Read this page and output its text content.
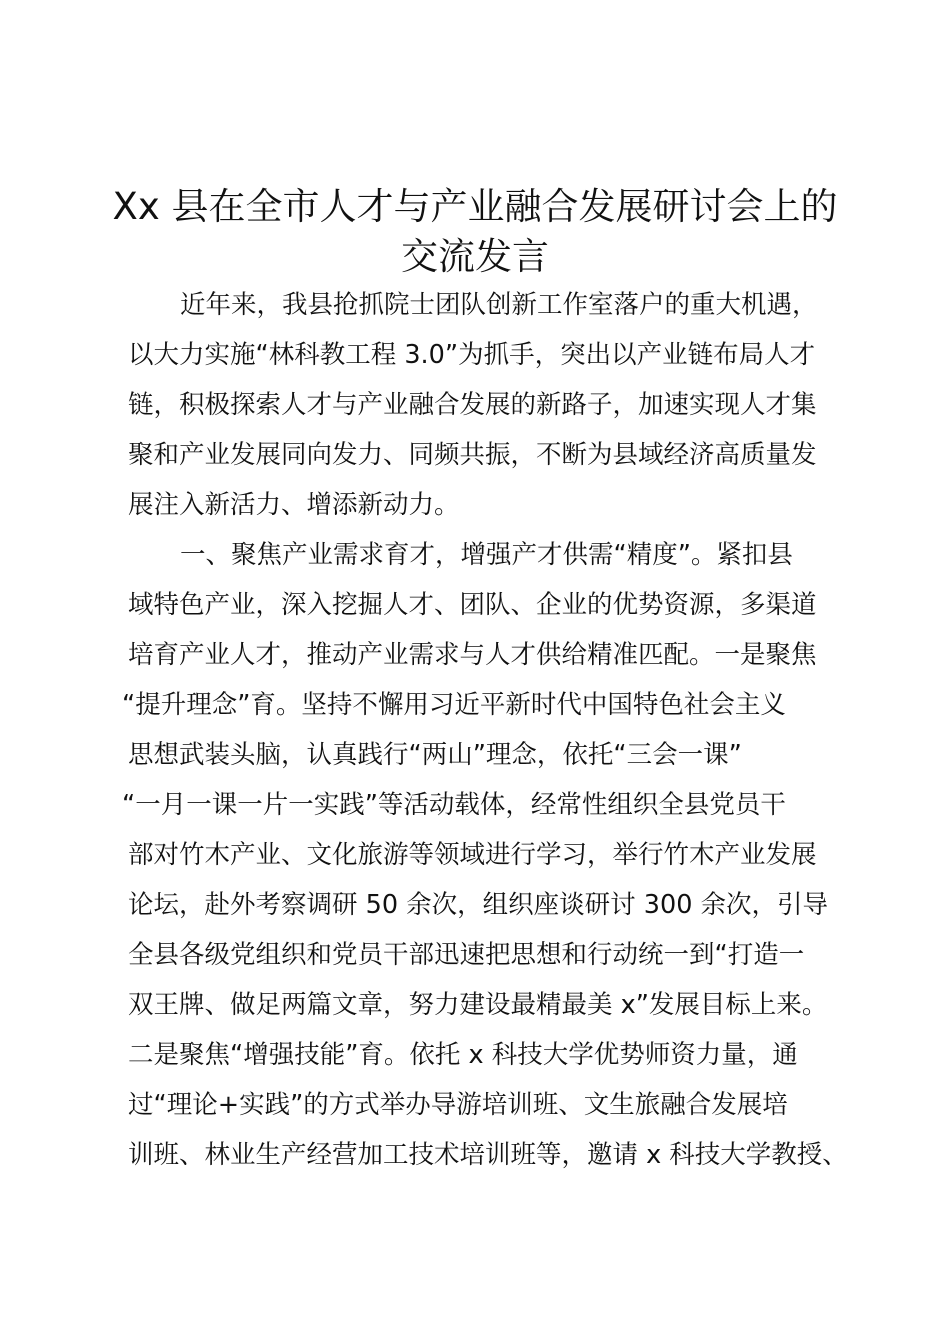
Xx 县在全市人才与产业融合发展研讨会上的
交流发言
近年来，我县抢抓院士团队创新工作室落户的重大机遇，
以大力实施“林科教工程 3.0”为抓手，突出以产业链布局人才
链，积极探索人才与产业融合发展的新路子，加速实现人才集
聚和产业发展同向发力、同频共振，不断为县域经济高质量发
展注入新活力、增添新动力。
一、聚焦产业需求育才，增强产才供需“精度”。紧扣县
域特色产业，深入挖掘人才、团队、企业的优势资源，多渠道
培育产业人才，推动产业需求与人才供给精准匹配。一是聚焦
“提升理念”育。坚持不懈用习近平新时代中国特色社会主义
思想武装头脑，认真践行“两山”理念，依托“三会一课”
“一月一课一片一实践”等活动载体，经常性组织全县党员干
部对竹木产业、文化旅游等领域进行学习，举行竹木产业发展
论坛，赴外考察调研 50 余次，组织座谈研讨 300 余次，引导
全县各级党组织和党员干部迅速把思想和行动统一到“打造一
双王牌、做足两篇文章，努力建设最精最美 x”发展目标上来。
二是聚焦“增强技能”育。依托 x 科技大学优势师资力量，通
过“理论+实践”的方式举办导游培训班、文生旅融合发展培
训班、林业生产经营加工技术培训班等，邀请 x 科技大学教授、
